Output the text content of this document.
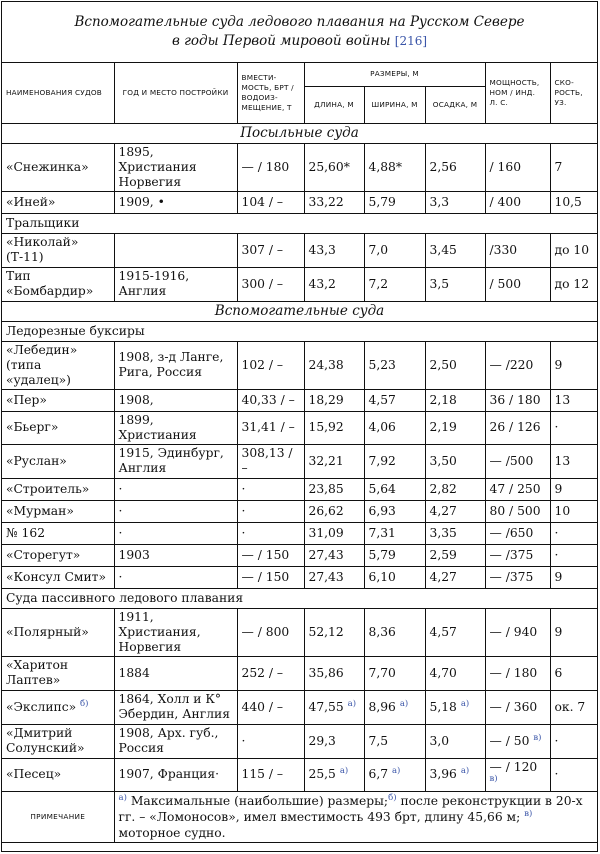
Вспомогательные суда ледового плавания на Русском Севере
в годы Первой мировой войны [216]
НАИМЕНОВАНИЯ СУДОВ	ГОД И МЕСТО ПОСТРОЙКИ	ВМЕСТИ- МОСТЬ, БРТ / ВОДОИЗ- МЕЩЕНИЕ, Т	РАЗМЕРЫ, М			МОЩНОСТЬ, НОМ / ИНД. Л. С.	СКО- РОСТЬ, УЗ.
			ДЛИНА, М	ШИРИНА, М	ОСАДКА, М		
Посыльные суда							
«Снежинка»	1895, Христиания Норвегия	— / 180	25,60*	4,88*	2,56	/ 160	7
«Иней»	1909, •	104 / –	33,22	5,79	3,3	/ 400	10,5
Тральщики							
«Николай» (Т-11)		307 / –	43,3	7,0	3,45	/330	до 10
Тип «Бомбардир»	1915-1916, Англия	300 / –	43,2	7,2	3,5	/ 500	до 12
Вспомогательные суда							
Ледорезные буксиры							
«Лебедин» (типа «удалец»)	1908, з-д Ланге, Рига, Россия	102 / –	24,38	5,23	2,50	— /220	9
«Пер»	1908,	40,33 / –	18,29	4,57	2,18	36 / 180	13
«Бьерг»	1899, Христиания	31,41 / –	15,92	4,06	2,19	26 / 126	·
«Руслан»	1915, Эдинбург, Англия	308,13 / –	32,21	7,92	3,50	— /500	13
«Строитель»	·	·	23,85	5,64	2,82	47 / 250	9
«Мурман»	·	·	26,62	6,93	4,27	80 / 500	10
№ 162	·	·	31,09	7,31	3,35	— /650	·
«Сторегут»	1903	— / 150	27,43	5,79	2,59	— /375	·
«Консул Смит»	·	— / 150	27,43	6,10	4,27	— /375	9
Суда пассивного ледового плавания							
«Полярный»	1911, Христиания, Норвегия	— / 800	52,12	8,36	4,57	— / 940	9
«Харитон Лаптев»	1884	252 / –	35,86	7,70	4,70	— / 180	6
«Экслипс» $^{б)}$	1864, Холл и К° Эбердин, Англия	440 / –	47,55 $^{а)}$	8,96 $^{а)}$	5,18 $^{а)}$	— / 360	ок. 7
«Дмитрий Солунский»	1908, Арх. губ., Россия	·	29,3	7,5	3,0	— / 50 $^{в)}$	·
«Песец»	1907, Франция·	115 / –	25,5 $^{а)}$	6,7 $^{а)}$	3,96 $^{а)}$	— / 120 $^{в)}$	·
ПРИМЕЧАНИЕ	$^{а)}$ Максимальные (наибольшие) размеры;$^{б)}$ после реконструкции в 20-х гг. – «Ломоносов», имел вместимость 493 брт, длину 45,66 м; $^{в)}$ моторное судно.						
